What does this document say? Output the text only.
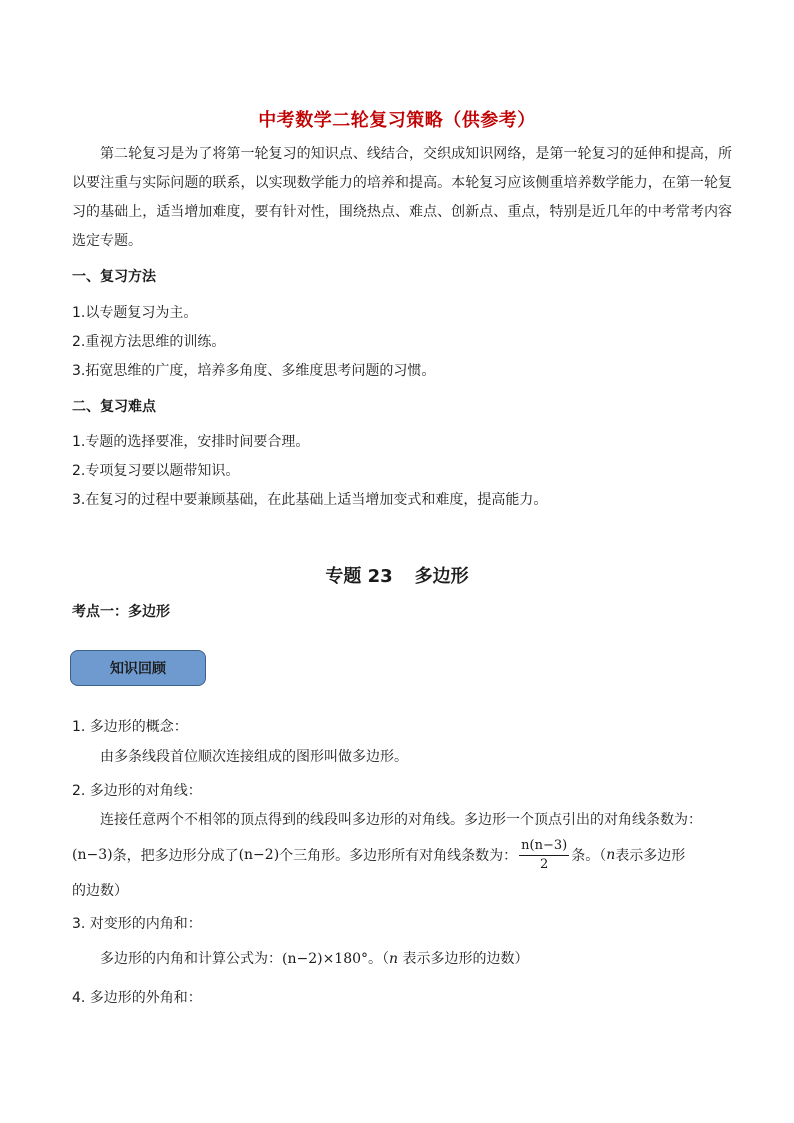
中考数学二轮复习策略（供参考）
第二轮复习是为了将第一轮复习的知识点、线结合，交织成知识网络，是第一轮复习的延伸和提高，所以要注重与实际问题的联系，以实现数学能力的培养和提高。本轮复习应该侧重培养数学能力，在第一轮复习的基础上，适当增加难度，要有针对性，围绕热点、难点、创新点、重点，特别是近几年的中考常考内容选定专题。
一、复习方法
1.以专题复习为主。
2.重视方法思维的训练。
3.拓宽思维的广度，培养多角度、多维度思考问题的习惯。
二、复习难点
1.专题的选择要准，安排时间要合理。
2.专项复习要以题带知识。
3.在复习的过程中要兼顾基础，在此基础上适当增加变式和难度，提高能力。
专题 23 多边形
考点一：多边形
知识回顾
1. 多边形的概念：
由多条线段首位顺次连接组成的图形叫做多边形。
2. 多边形的对角线：
连接任意两个不相邻的顶点得到的线段叫多边形的对角线。多边形一个顶点引出的对角线条数为：
(n−3) 条，把多边形分成了 (n−2) 个三角形。多边形所有对角线条数为： $\frac{n(n-3)}{2}$ 条。（ n 表示多边形
的边数）
3. 对变形的内角和：
多边形的内角和计算公式为：(n−2)×180°。（n 表示多边形的边数）
4. 多边形的外角和：
